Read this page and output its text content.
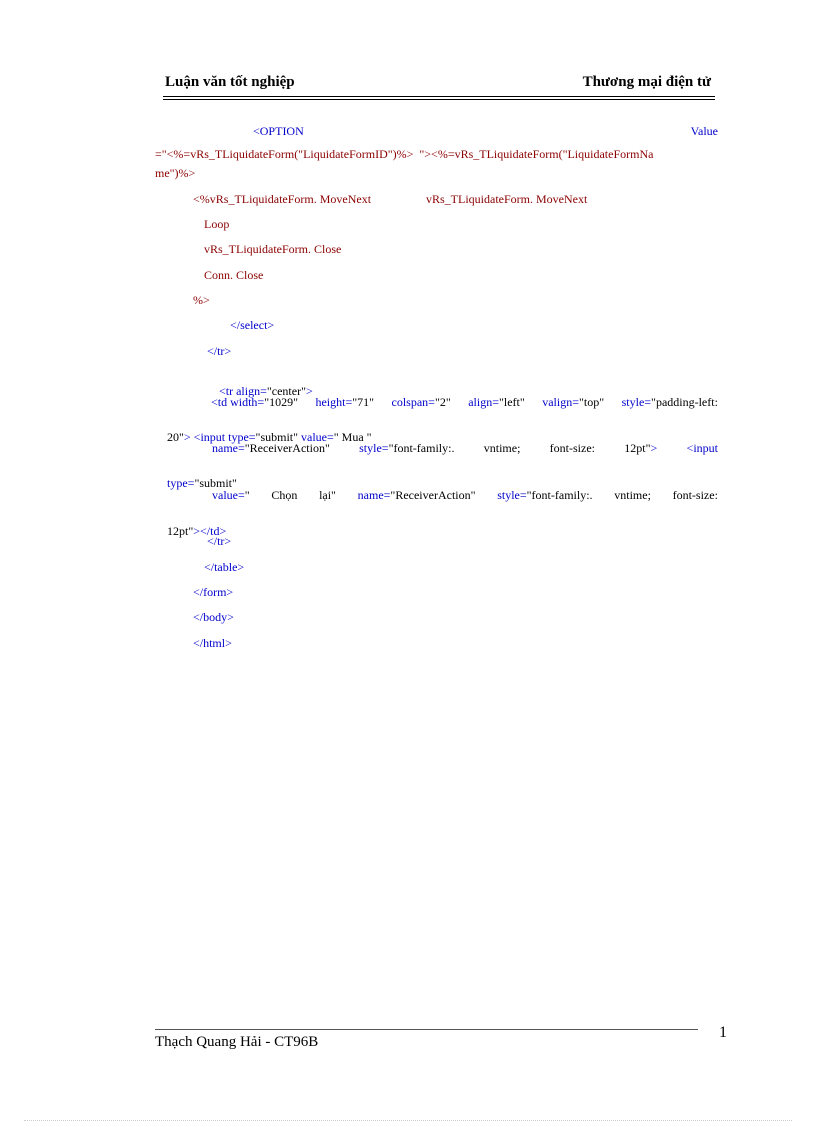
Luận văn tốt nghiệp	Thương mại điện tử
<OPTION	Value
="<%=vRs_TLiquidateForm("LiquidateFormID")%>  "><%=vRs_TLiquidateForm("LiquidateFormNa
me")%>
<%vRs_TLiquidateForm. MoveNext	vRs_TLiquidateForm. MoveNext
Loop
vRs_TLiquidateForm. Close
Conn. Close
%>
</select>
</tr>

<tr align="center">

<td width="1029" height="71" colspan="2" align="left" valign="top" style="padding-left:

20"> <input type="submit" value=" Mua "

name="ReceiverAction" style="font-family:. vntime; font-size: 12pt"> <input

type="submit"

value=" Chọn lại" name="ReceiverAction" style="font-family:. vntime; font-size:

12pt"></td>

</tr>
</table>
</form>
</body>
</html>
Thạch Quang Hải - CT96B
1
